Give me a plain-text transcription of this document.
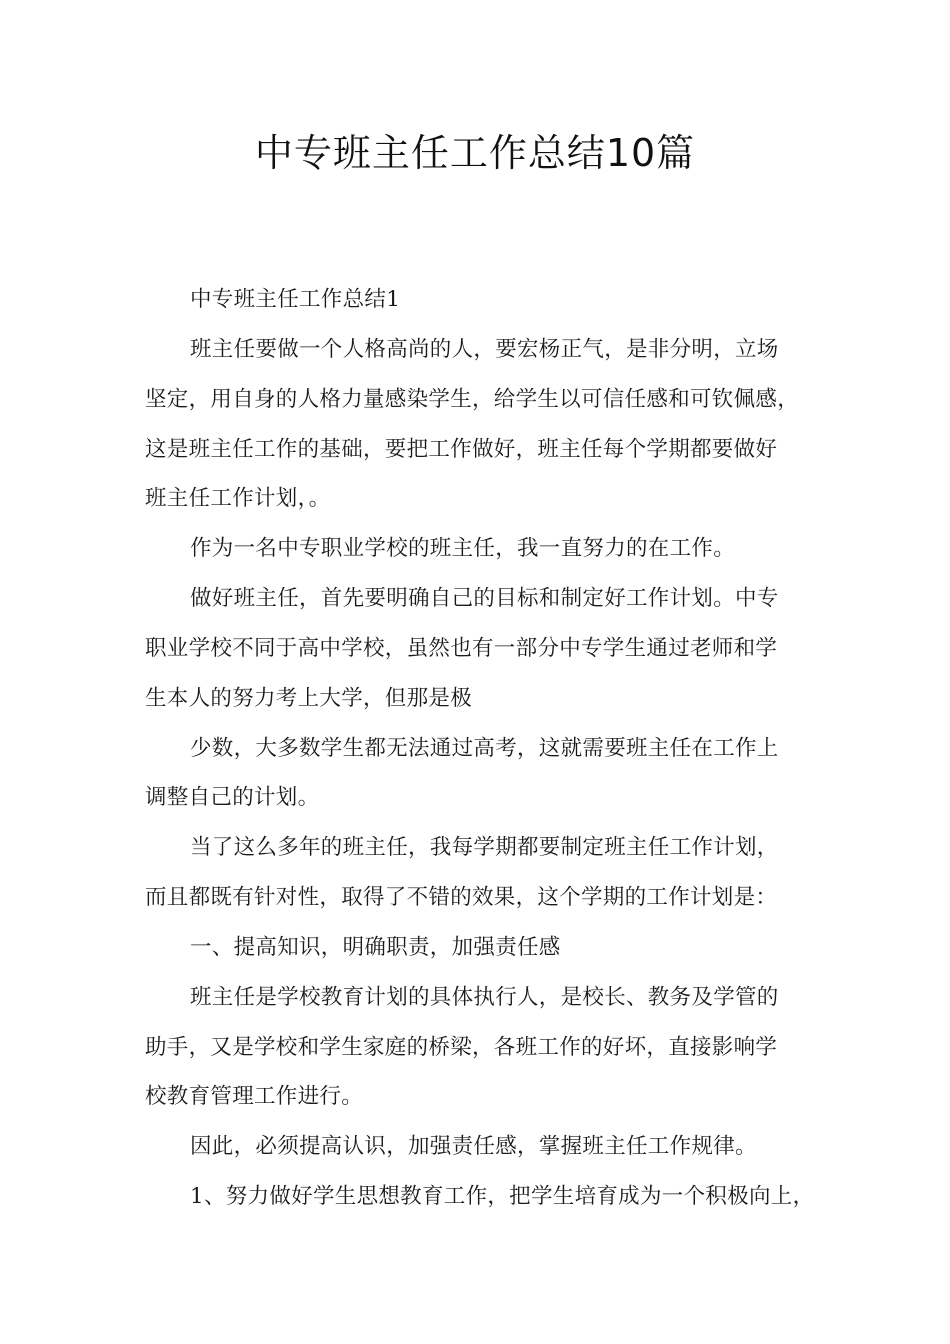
中专班主任工作总结10篇
中专班主任工作总结1
班主任要做一个人格高尚的人，要宏杨正气，是非分明，立场
坚定，用自身的人格力量感染学生，给学生以可信任感和可钦佩感，
这是班主任工作的基础，要把工作做好，班主任每个学期都要做好
班主任工作计划，。
作为一名中专职业学校的班主任，我一直努力的在工作。
做好班主任，首先要明确自己的目标和制定好工作计划。中专
职业学校不同于高中学校，虽然也有一部分中专学生通过老师和学
生本人的努力考上大学，但那是极
少数，大多数学生都无法通过高考，这就需要班主任在工作上
调整自己的计划。
当了这么多年的班主任，我每学期都要制定班主任工作计划，
而且都既有针对性，取得了不错的效果，这个学期的工作计划是：
一、提高知识，明确职责，加强责任感
班主任是学校教育计划的具体执行人，是校长、教务及学管的
助手，又是学校和学生家庭的桥梁，各班工作的好坏，直接影响学
校教育管理工作进行。
因此，必须提高认识，加强责任感，掌握班主任工作规律。
1、努力做好学生思想教育工作，把学生培育成为一个积极向上，
